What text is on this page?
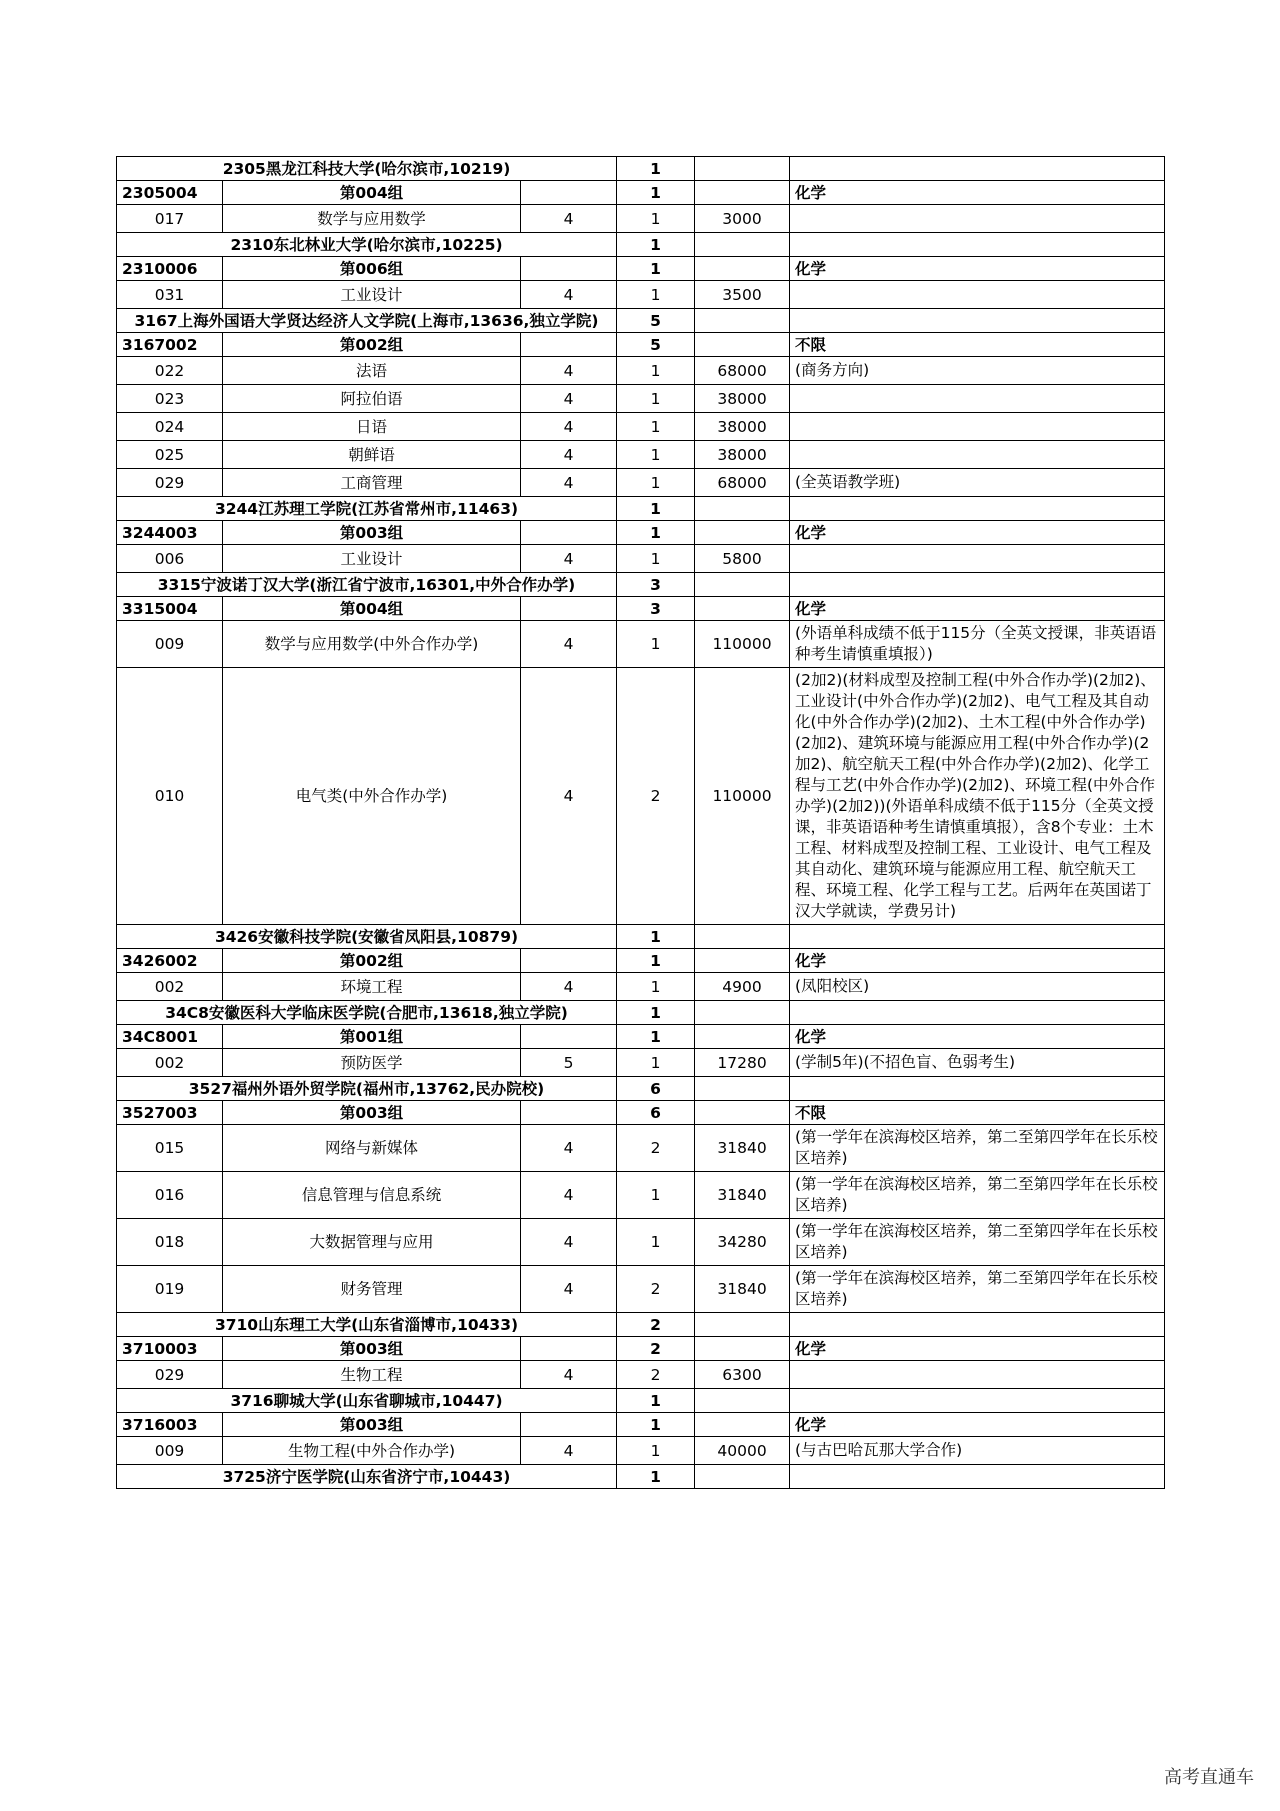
2305黑龙江科技大学(哈尔滨市,10219)			1		
2305004	第004组		1		化学
017	数学与应用数学	4	1	3000	
2310东北林业大学(哈尔滨市,10225)			1		
2310006	第006组		1		化学
031	工业设计	4	1	3500	
3167上海外国语大学贤达经济人文学院(上海市,13636,独立学院)			5		
3167002	第002组		5		不限
022	法语	4	1	68000	(商务方向)
023	阿拉伯语	4	1	38000	
024	日语	4	1	38000	
025	朝鲜语	4	1	38000	
029	工商管理	4	1	68000	(全英语教学班)
3244江苏理工学院(江苏省常州市,11463)			1		
3244003	第003组		1		化学
006	工业设计	4	1	5800	
3315宁波诺丁汉大学(浙江省宁波市,16301,中外合作办学)			3		
3315004	第004组		3		化学
009	数学与应用数学(中外合作办学)	4	1	110000	(外语单科成绩不低于115分（全英文授课，非英语语种考生请慎重填报）)
010	电气类(中外合作办学)	4	2	110000	(2加2)(材料成型及控制工程(中外合作办学)(2加2)、工业设计(中外合作办学)(2加2)、电气工程及其自动化(中外合作办学)(2加2)、土木工程(中外合作办学)(2加2)、建筑环境与能源应用工程(中外合作办学)(2加2)、航空航天工程(中外合作办学)(2加2)、化学工程与工艺(中外合作办学)(2加2)、环境工程(中外合作办学)(2加2))(外语单科成绩不低于115分（全英文授课，非英语语种考生请慎重填报），含8个专业：土木工程、材料成型及控制工程、工业设计、电气工程及其自动化、建筑环境与能源应用工程、航空航天工程、环境工程、化学工程与工艺。后两年在英国诺丁汉大学就读，学费另计)
3426安徽科技学院(安徽省凤阳县,10879)			1		
3426002	第002组		1		化学
002	环境工程	4	1	4900	(凤阳校区)
34C8安徽医科大学临床医学院(合肥市,13618,独立学院)			1		
34C8001	第001组		1		化学
002	预防医学	5	1	17280	(学制5年)(不招色盲、色弱考生)
3527福州外语外贸学院(福州市,13762,民办院校)			6		
3527003	第003组		6		不限
015	网络与新媒体	4	2	31840	(第一学年在滨海校区培养，第二至第四学年在长乐校区培养)
016	信息管理与信息系统	4	1	31840	(第一学年在滨海校区培养，第二至第四学年在长乐校区培养)
018	大数据管理与应用	4	1	34280	(第一学年在滨海校区培养，第二至第四学年在长乐校区培养)
019	财务管理	4	2	31840	(第一学年在滨海校区培养，第二至第四学年在长乐校区培养)
3710山东理工大学(山东省淄博市,10433)			2		
3710003	第003组		2		化学
029	生物工程	4	2	6300	
3716聊城大学(山东省聊城市,10447)			1		
3716003	第003组		1		化学
009	生物工程(中外合作办学)	4	1	40000	(与古巴哈瓦那大学合作)
3725济宁医学院(山东省济宁市,10443)			1		
高考直通车
